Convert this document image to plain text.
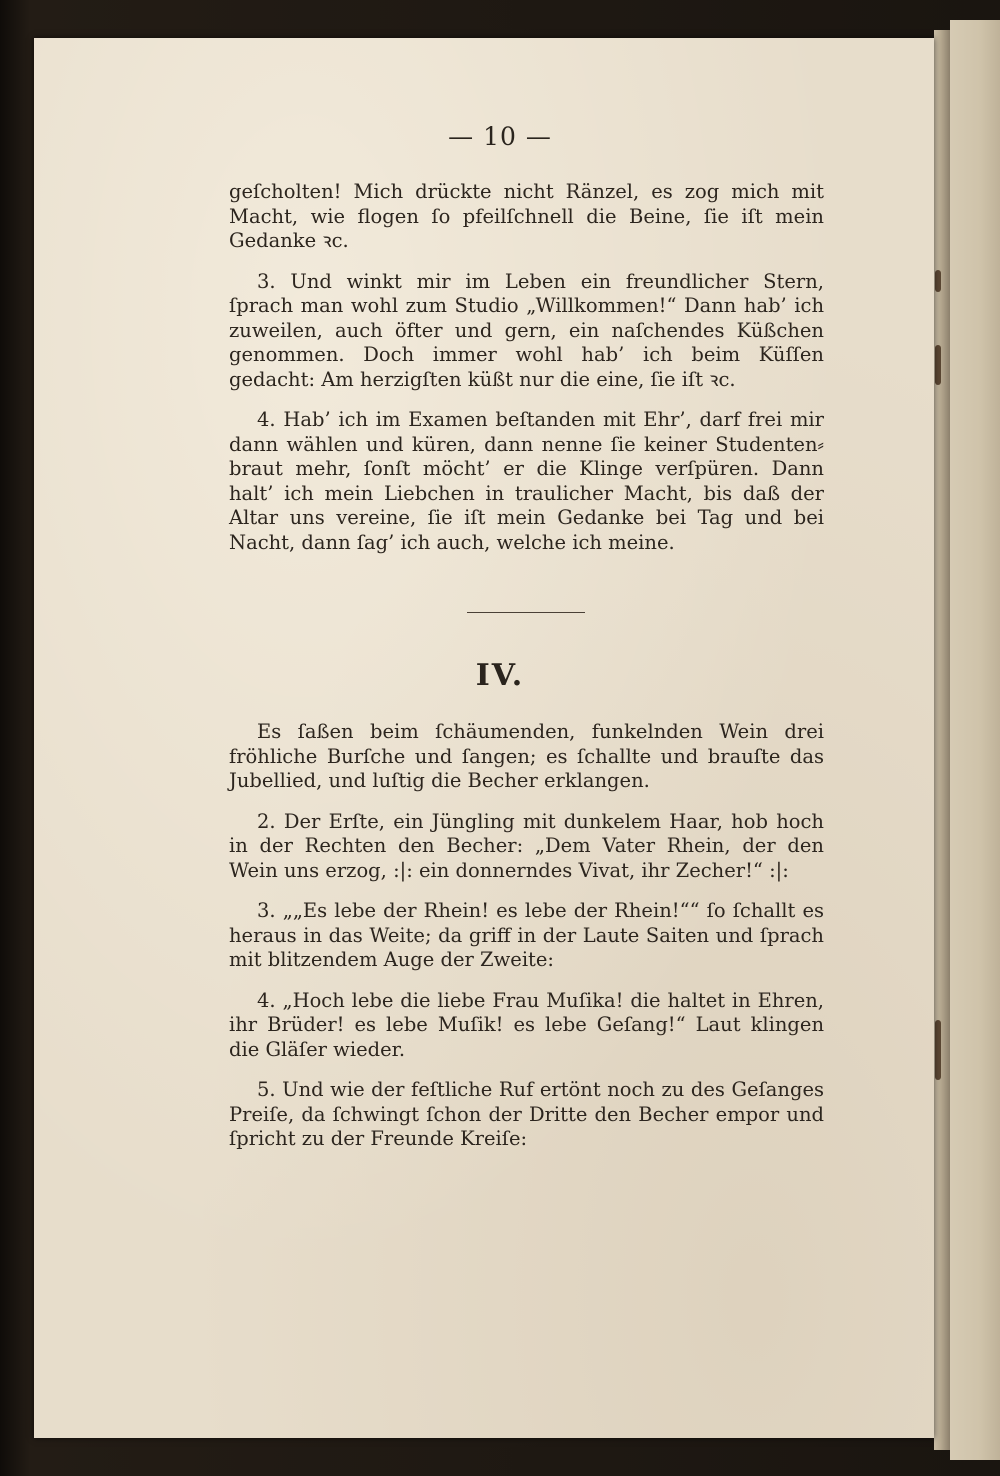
— 10 —

geſcholten! Mich drückte nicht Ränzel, es zog mich mit Macht, wie flogen ſo pfeilſchnell die Beine, ſie iſt mein Gedanke ꝛc.

3. Und winkt mir im Leben ein freundlicher Stern, ſprach man wohl zum Studio „Willkommen!“ Dann hab’ ich zuweilen, auch öfter und gern, ein naſchendes Küßchen genommen. Doch immer wohl hab’ ich beim Küſſen gedacht: Am herzigſten küßt nur die eine, ſie iſt ꝛc.

4. Hab’ ich im Examen beſtanden mit Ehr’, darf frei mir dann wählen und küren, dann nenne ſie keiner Studenten⸗braut mehr, ſonſt möcht’ er die Klinge verſpüren. Dann halt’ ich mein Liebchen in traulicher Macht, bis daß der Altar uns vereine, ſie iſt mein Gedanke bei Tag und bei Nacht, dann ſag’ ich auch, welche ich meine.

IV.

Es ſaßen beim ſchäumenden, funkelnden Wein drei fröhliche Burſche und ſangen; es ſchallte und brauſte das Jubellied, und luſtig die Becher erklangen.

2. Der Erſte, ein Jüngling mit dunkelem Haar, hob hoch in der Rechten den Becher: „Dem Vater Rhein, der den Wein uns erzog, :|: ein donnerndes Vivat, ihr Zecher!“ :|:

3. „„Es lebe der Rhein! es lebe der Rhein!““ ſo ſchallt es heraus in das Weite; da griff in der Laute Saiten und ſprach mit blitzendem Auge der Zweite:

4. „Hoch lebe die liebe Frau Muſika! die haltet in Ehren, ihr Brüder! es lebe Muſik! es lebe Geſang!“ Laut klingen die Gläſer wieder.

5. Und wie der feſtliche Ruf ertönt noch zu des Geſanges Preiſe, da ſchwingt ſchon der Dritte den Becher empor und ſpricht zu der Freunde Kreiſe:
